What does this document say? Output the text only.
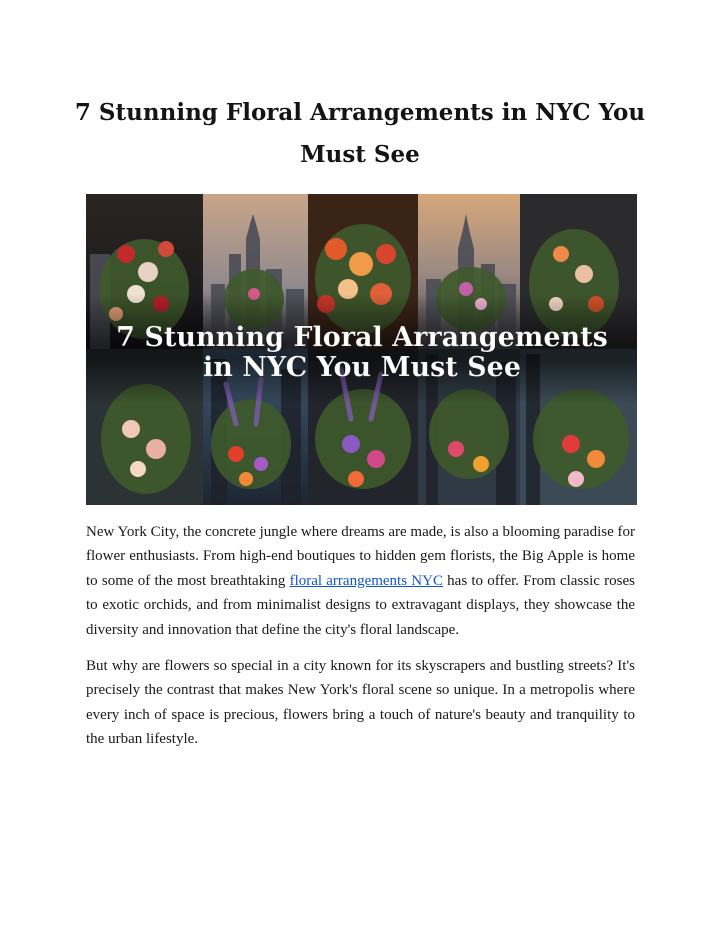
7 Stunning Floral Arrangements in NYC You Must See
7 Stunning Floral Arrangements
in NYC You Must See

New York City, the concrete jungle where dreams are made, is also a blooming paradise for flower enthusiasts. From high-end boutiques to hidden gem florists, the Big Apple is home to some of the most breathtaking floral arrangements NYC has to offer. From classic roses to exotic orchids, and from minimalist designs to extravagant displays, they showcase the diversity and innovation that define the city's floral landscape.

But why are flowers so special in a city known for its skyscrapers and bustling streets? It's precisely the contrast that makes New York's floral scene so unique. In a metropolis where every inch of space is precious, flowers bring a touch of nature's beauty and tranquility to the urban lifestyle.
